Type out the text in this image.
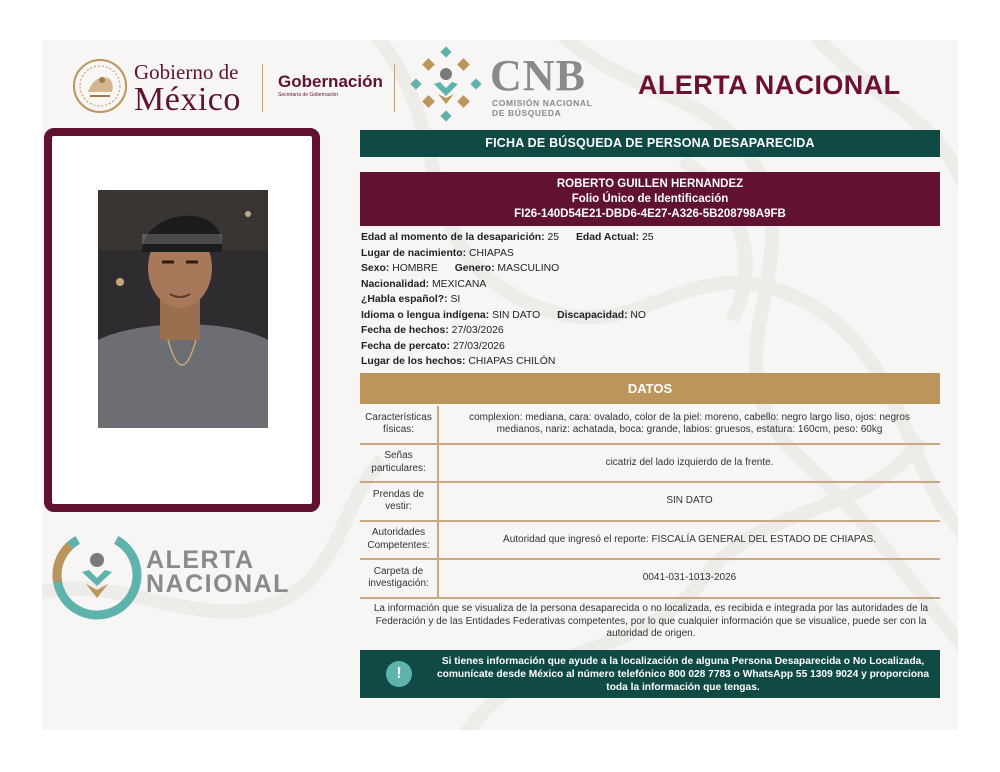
Gobierno de
México Gobernación
Secretaría de Gobernación	CNB
COMISIÓN NACIONAL
DE BÚSQUEDA
ALERTA NACIONAL
ALERTA
NACIONAL
FICHA DE BÚSQUEDA DE PERSONA DESAPARECIDA
ROBERTO GUILLEN HERNANDEZ
Folio Único de Identificación
FI26-140D54E21-DBD6-4E27-A326-5B208798A9FB
Edad al momento de la desaparición: 25 Edad Actual: 25
Lugar de nacimiento: CHIAPAS
Sexo: HOMBRE Genero: MASCULINO
Nacionalidad: MEXICANA
¿Habla español?: SI
Idioma o lengua indígena: SIN DATO Discapacidad: NO
Fecha de hechos: 27/03/2026
Fecha de percato: 27/03/2026
Lugar de los hechos: CHIAPAS CHILÓN
DATOS
Características físicas:
complexion: mediana, cara: ovalado, color de la piel: moreno, cabello: negro largo liso, ojos: negros medianos, nariz: achatada, boca: grande, labios: gruesos, estatura: 160cm, peso: 60kg
Señas particulares:
cicatriz del lado izquierdo de la frente.
Prendas de vestir:
SIN DATO
Autoridades Competentes:
Autoridad que ingresó el reporte: FISCALÍA GENERAL DEL ESTADO DE CHIAPAS.
Carpeta de investigación:
0041-031-1013-2026
La información que se visualiza de la persona desaparecida o no localizada, es recibida e integrada por las autoridades de la Federación y de las Entidades Federativas competentes, por lo que cualquier información que se visualice, puede ser con la autoridad de origen.
!
Si tienes información que ayude a la localización de alguna Persona Desaparecida o No Localizada, comunícate desde México al número telefónico 800 028 7783 o WhatsApp 55 1309 9024 y proporciona toda la información que tengas.
